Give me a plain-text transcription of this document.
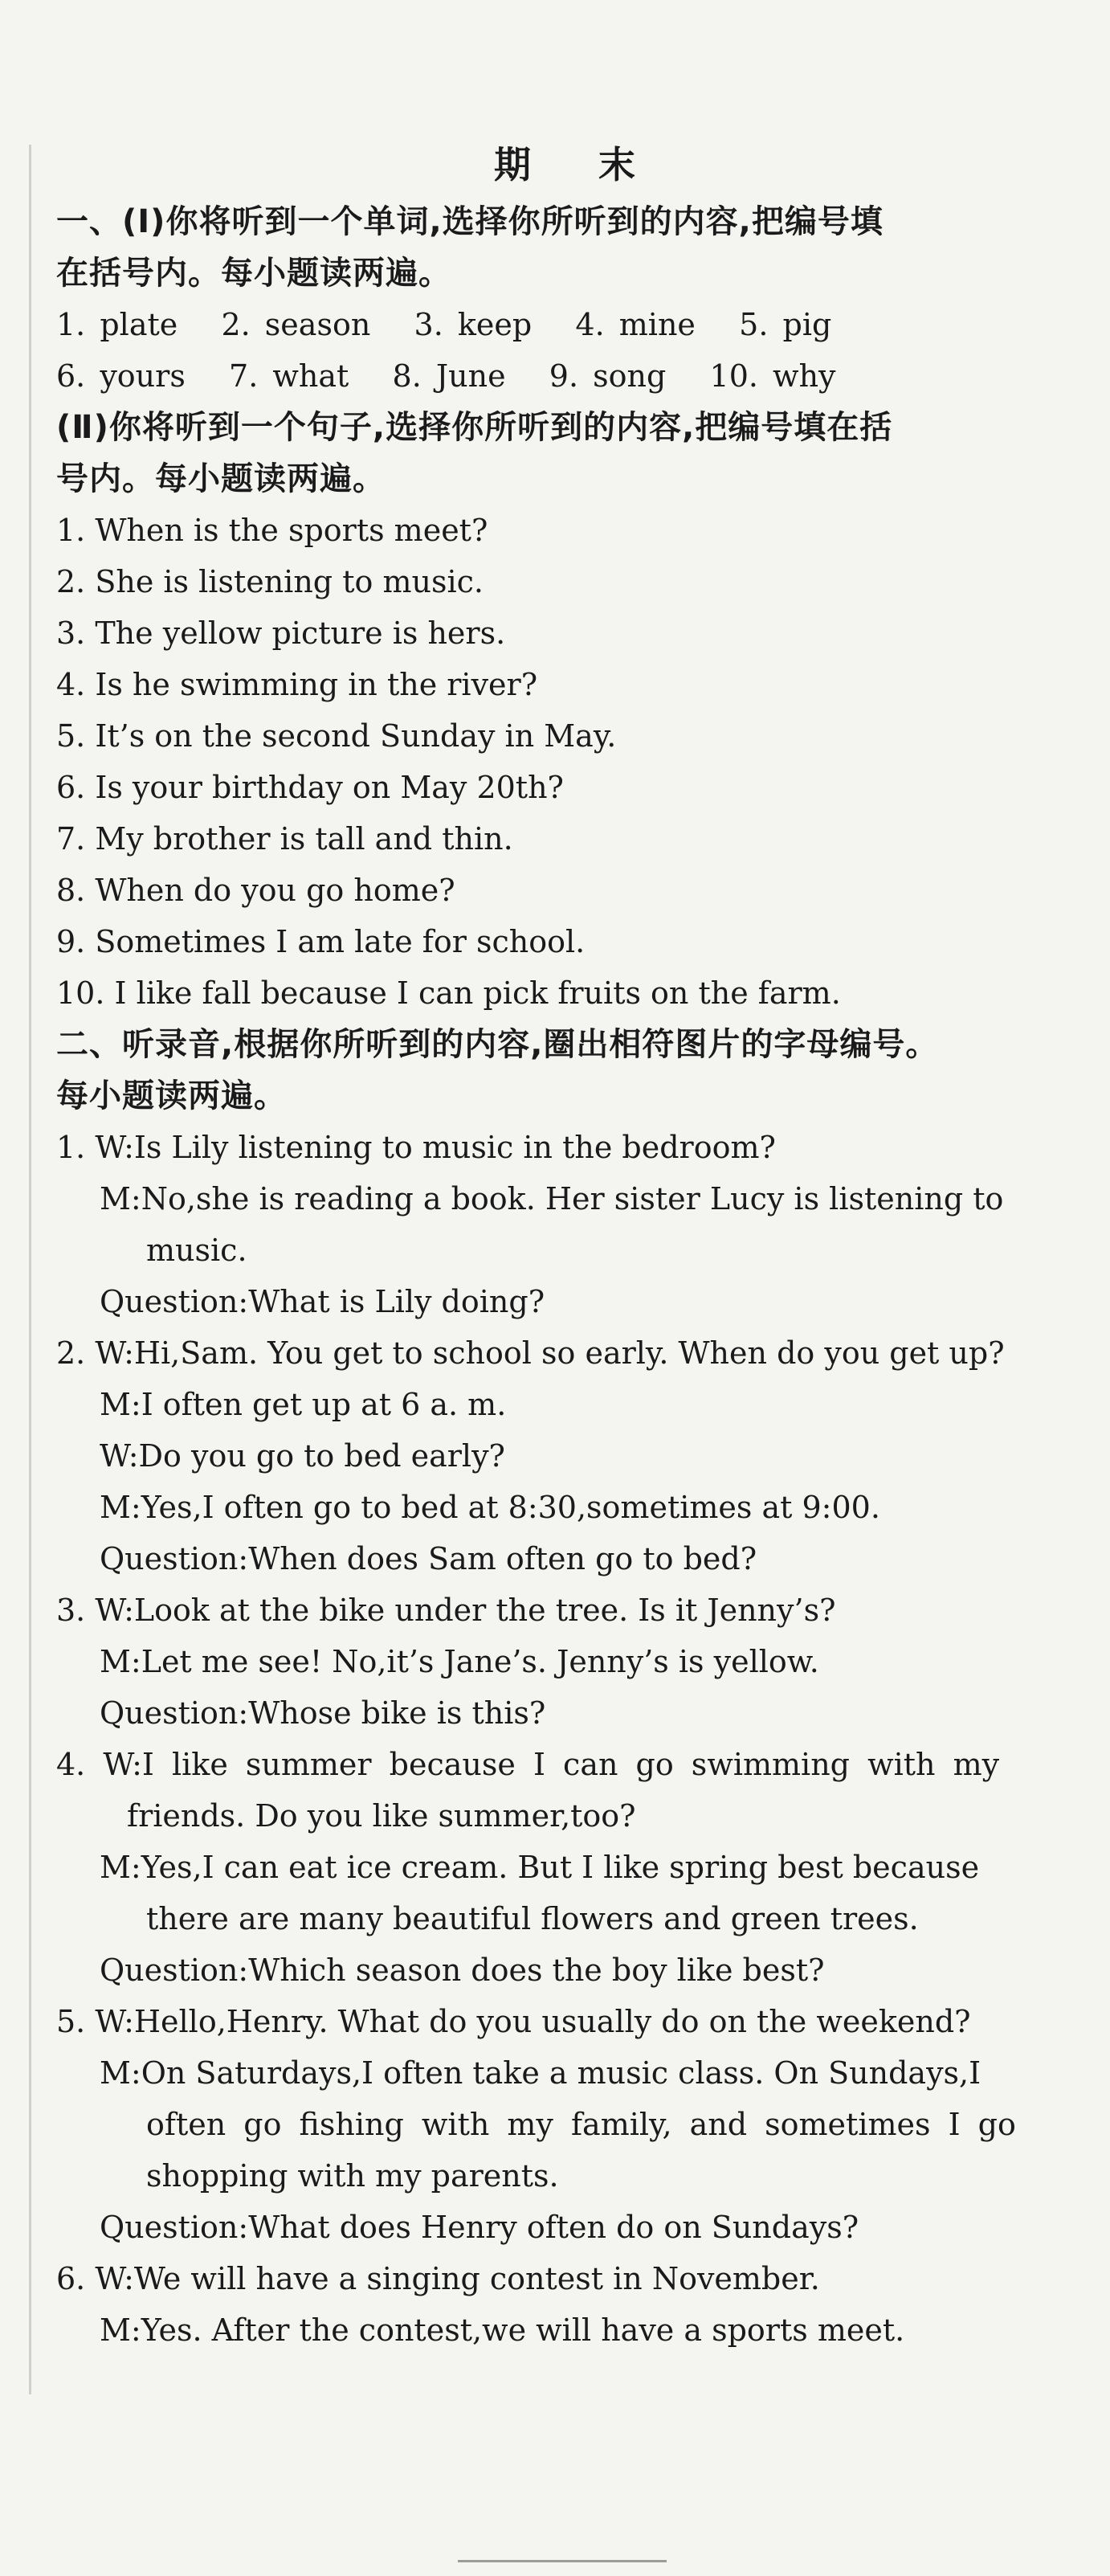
期 末
一、(Ⅰ)你将听到一个单词,选择你所听到的内容,把编号填
在括号内。每小题读两遍。
1. plate   2. season   3. keep   4. mine   5. pig
6. yours   7. what   8. June   9. song   10. why
(Ⅱ)你将听到一个句子,选择你所听到的内容,把编号填在括
号内。每小题读两遍。
1. When is the sports meet?
2. She is listening to music.
3. The yellow picture is hers.
4. Is he swimming in the river?
5. It’s on the second Sunday in May.
6. Is your birthday on May 20th?
7. My brother is tall and thin.
8. When do you go home?
9. Sometimes I am late for school.
10. I like fall because I can pick fruits on the farm.
二、听录音,根据你所听到的内容,圈出相符图片的字母编号。
每小题读两遍。
1. W:Is Lily listening to music in the bedroom?
M:No,she is reading a book. Her sister Lucy is listening to
music.
Question:What is Lily doing?
2. W:Hi,Sam. You get to school so early. When do you get up?
M:I often get up at 6 a. m.
W:Do you go to bed early?
M:Yes,I often go to bed at 8:30,sometimes at 9:00.
Question:When does Sam often go to bed?
3. W:Look at the bike under the tree. Is it Jenny’s?
M:Let me see! No,it’s Jane’s. Jenny’s is yellow.
Question:Whose bike is this?
4. W:I like summer because I can go swimming with my
friends. Do you like summer,too?
M:Yes,I can eat ice cream. But I like spring best because
there are many beautiful flowers and green trees.
Question:Which season does the boy like best?
5. W:Hello,Henry. What do you usually do on the weekend?
M:On Saturdays,I often take a music class. On Sundays,I
often go fishing with my family, and sometimes I go
shopping with my parents.
Question:What does Henry often do on Sundays?
6. W:We will have a singing contest in November.
M:Yes. After the contest,we will have a sports meet.
